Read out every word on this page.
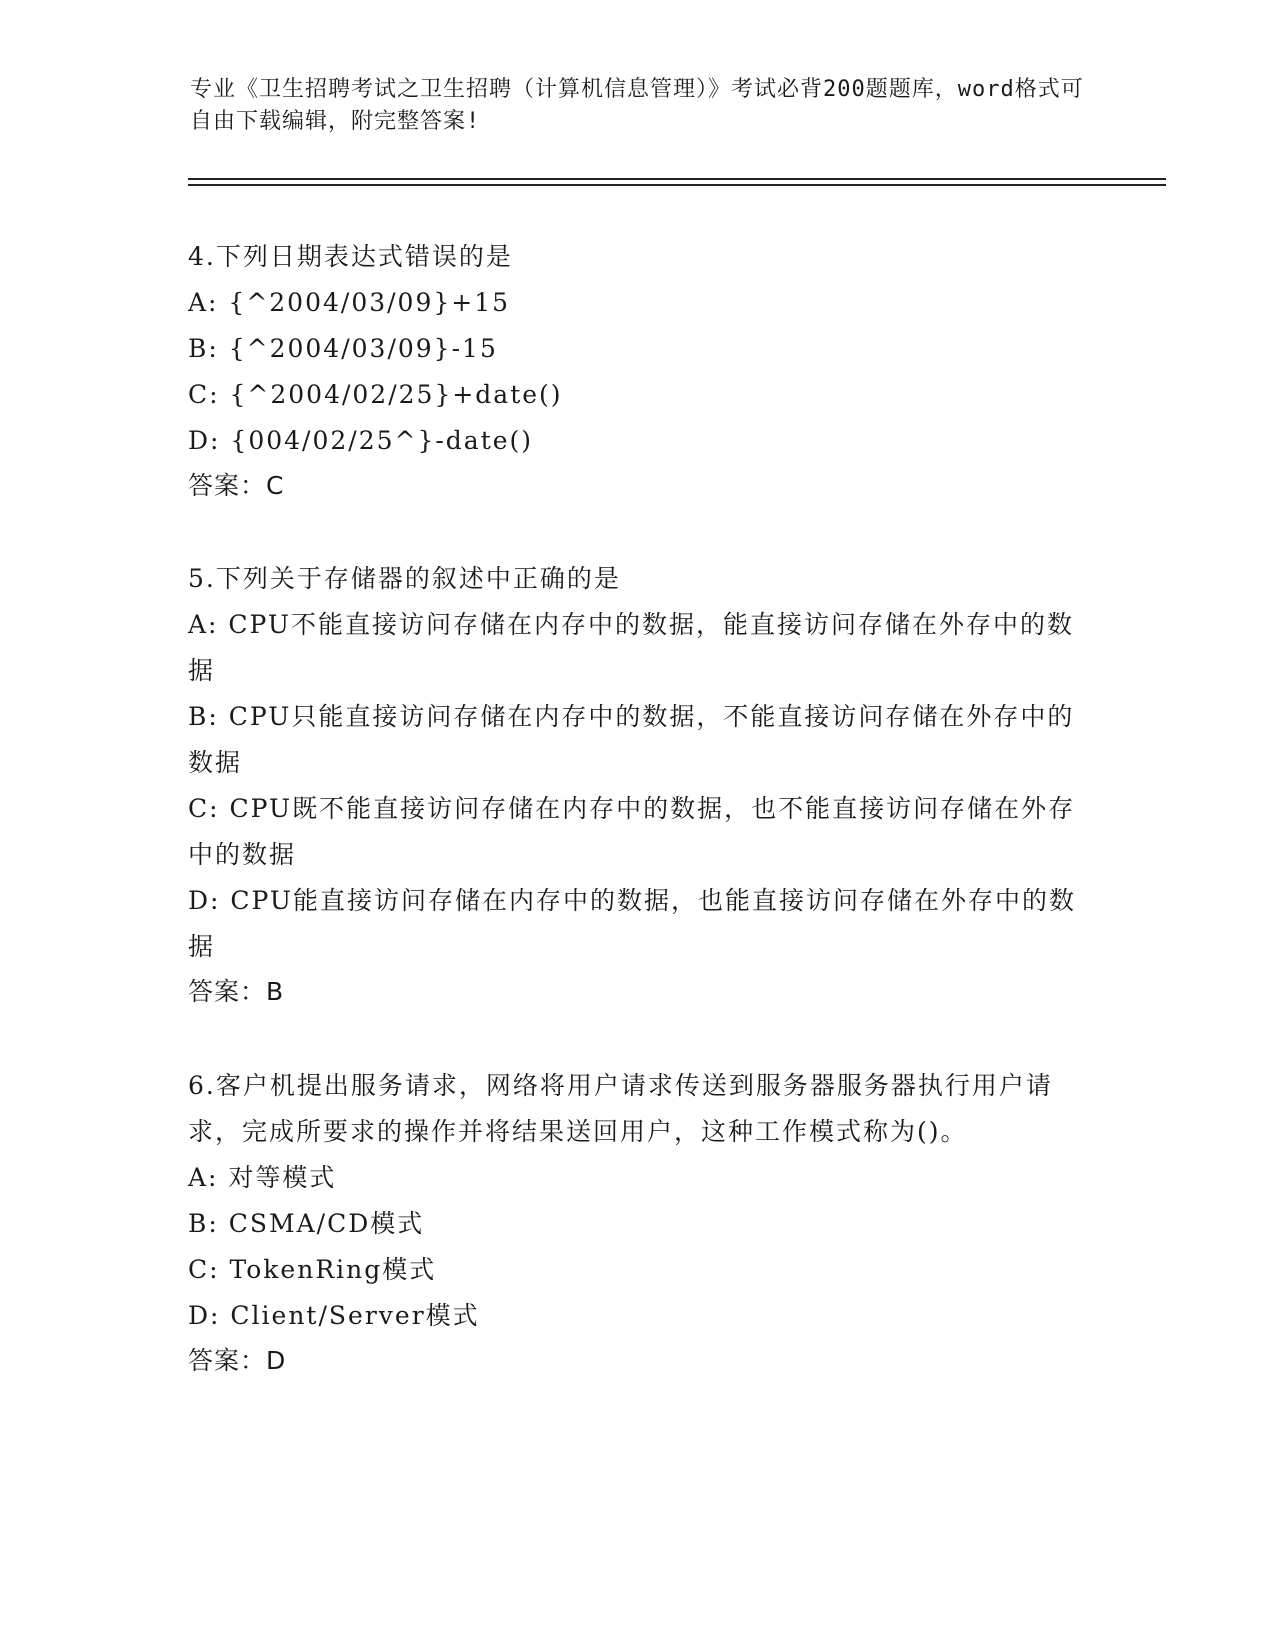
专业《卫生招聘考试之卫生招聘（计算机信息管理）》考试必背200题题库，word格式可自由下载编辑，附完整答案!
4.下列日期表达式错误的是
A: {^2004/03/09}+15
B: {^2004/03/09}-15
C: {^2004/02/25}+date()
D: {004/02/25^}-date()
答案：C
5.下列关于存储器的叙述中正确的是
A: CPU不能直接访问存储在内存中的数据，能直接访问存储在外存中的数据
B: CPU只能直接访问存储在内存中的数据，不能直接访问存储在外存中的数据
C: CPU既不能直接访问存储在内存中的数据，也不能直接访问存储在外存中的数据
D: CPU能直接访问存储在内存中的数据，也能直接访问存储在外存中的数据
答案：B
6.客户机提出服务请求，网络将用户请求传送到服务器服务器执行用户请求，完成所要求的操作并将结果送回用户，这种工作模式称为()。
A: 对等模式
B: CSMA/CD模式
C: TokenRing模式
D: Client/Server模式
答案：D
